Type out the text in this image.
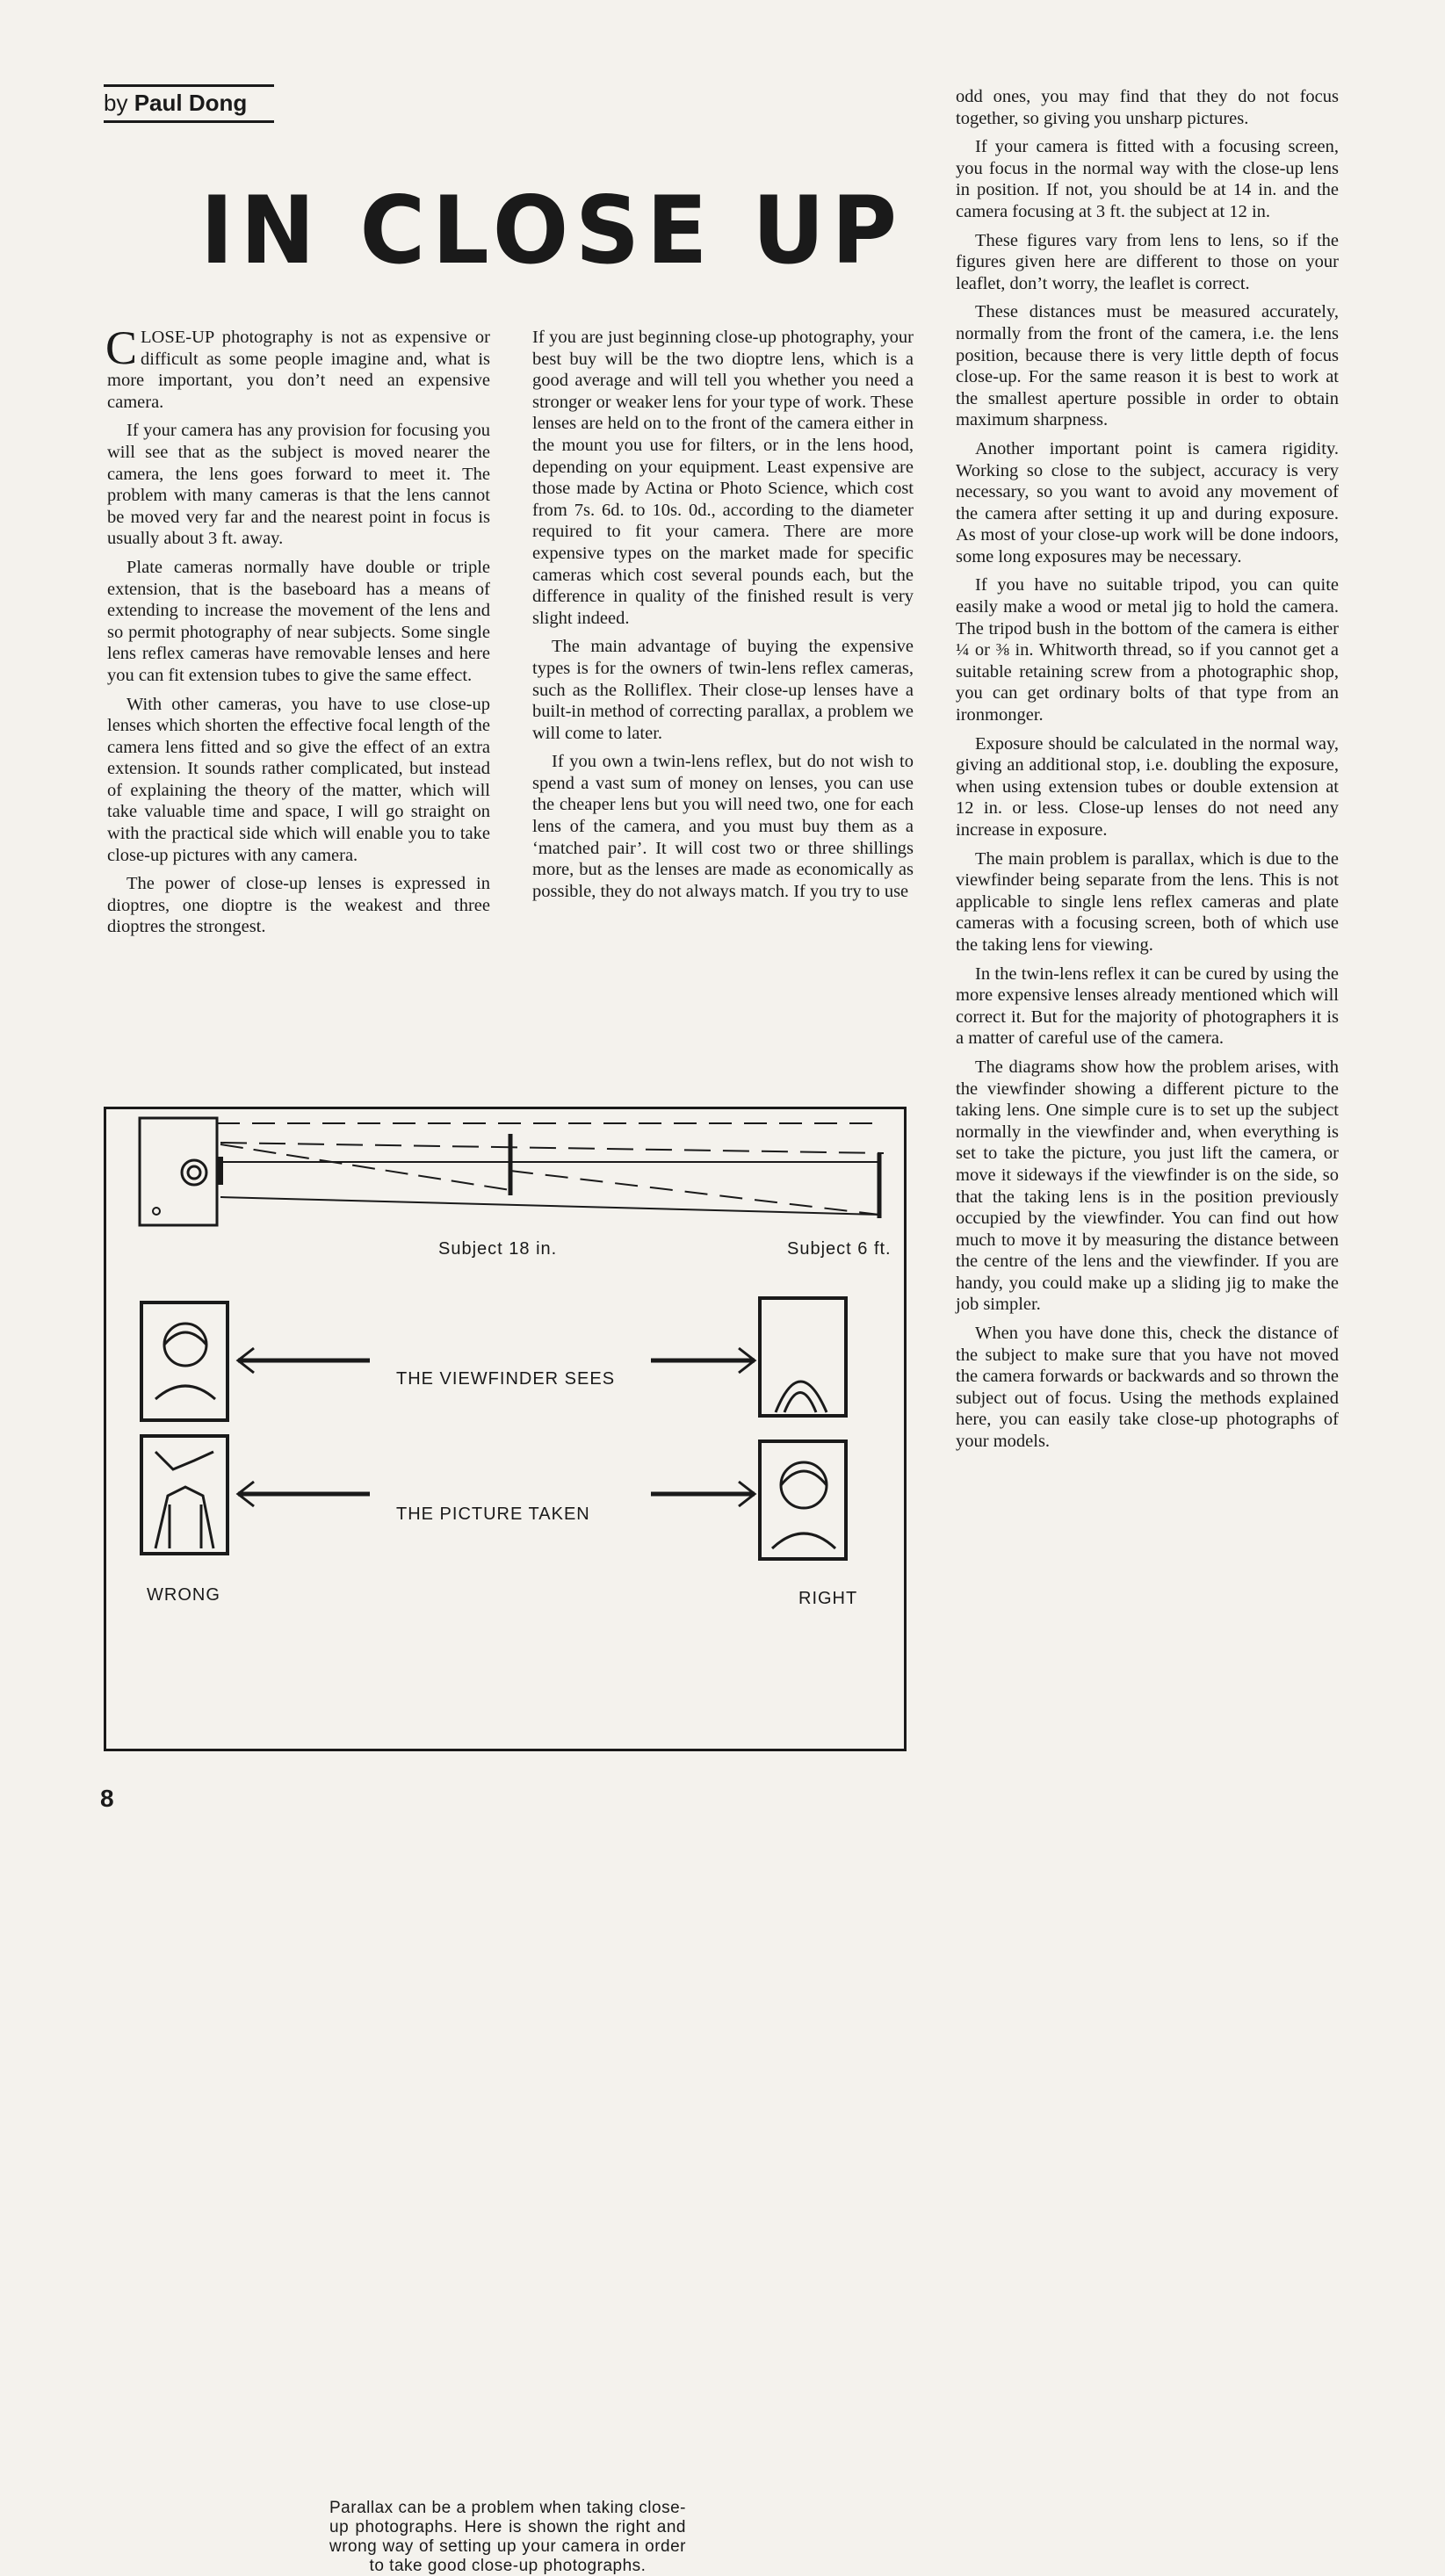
by Paul Dong
IN CLOSE UP

CLOSE-UP photography is not as expensive or difficult as some people imagine and, what is more important, you don’t need an expensive camera.

If your camera has any provision for focusing you will see that as the subject is moved nearer the camera, the lens goes forward to meet it. The problem with many cameras is that the lens cannot be moved very far and the nearest point in focus is usually about 3 ft. away.

Plate cameras normally have double or triple extension, that is the baseboard has a means of extending to increase the movement of the lens and so permit photography of near subjects. Some single lens reflex cameras have removable lenses and here you can fit extension tubes to give the same effect.

With other cameras, you have to use close-up lenses which shorten the effective focal length of the camera lens fitted and so give the effect of an extra extension. It sounds rather complicated, but instead of explaining the theory of the matter, which will take valuable time and space, I will go straight on with the practical side which will enable you to take close-up pictures with any camera.

The power of close-up lenses is expressed in dioptres, one dioptre is the weakest and three dioptres the strongest.

If you are just beginning close-up photography, your best buy will be the two dioptre lens, which is a good average and will tell you whether you need a stronger or weaker lens for your type of work. These lenses are held on to the front of the camera either in the mount you use for filters, or in the lens hood, depending on your equipment. Least expensive are those made by Actina or Photo Science, which cost from 7s. 6d. to 10s. 0d., according to the diameter required to fit your camera. There are more expensive types on the market made for specific cameras which cost several pounds each, but the difference in quality of the finished result is very slight indeed.

The main advantage of buying the expensive types is for the owners of twin-lens reflex cameras, such as the Rolliflex. Their close-up lenses have a built-in method of correcting parallax, a problem we will come to later.

If you own a twin-lens reflex, but do not wish to spend a vast sum of money on lenses, you can use the cheaper lens but you will need two, one for each lens of the camera, and you must buy them as a ‘matched pair’. It will cost two or three shillings more, but as the lenses are made as economically as possible, they do not always match. If you try to use

odd ones, you may find that they do not focus together, so giving you unsharp pictures.

If your camera is fitted with a focusing screen, you focus in the normal way with the close-up lens in position. If not, you should be at 14 in. and the camera focusing at 3 ft. the subject at 12 in.

These figures vary from lens to lens, so if the figures given here are different to those on your leaflet, don’t worry, the leaflet is correct.

These distances must be measured accurately, normally from the front of the camera, i.e. the lens position, because there is very little depth of focus close-up. For the same reason it is best to work at the smallest aperture possible in order to obtain maximum sharpness.

Another important point is camera rigidity. Working so close to the subject, accuracy is very necessary, so you want to avoid any movement of the camera after setting it up and during exposure. As most of your close-up work will be done indoors, some long exposures may be necessary.

If you have no suitable tripod, you can quite easily make a wood or metal jig to hold the camera. The tripod bush in the bottom of the camera is either ¼ or ⅜ in. Whitworth thread, so if you cannot get a suitable retaining screw from a photographic shop, you can get ordinary bolts of that type from an ironmonger.

Exposure should be calculated in the normal way, giving an additional stop, i.e. doubling the exposure, when using extension tubes or double extension at 12 in. or less. Close-up lenses do not need any increase in exposure.

The main problem is parallax, which is due to the viewfinder being separate from the lens. This is not applicable to single lens reflex cameras and plate cameras with a focusing screen, both of which use the taking lens for viewing.

In the twin-lens reflex it can be cured by using the more expensive lenses already mentioned which will correct it. But for the majority of photographers it is a matter of careful use of the camera.

The diagrams show how the problem arises, with the viewfinder showing a different picture to the taking lens. One simple cure is to set up the subject normally in the viewfinder and, when everything is set to take the picture, you just lift the camera, or move it sideways if the viewfinder is on the side, so that the taking lens is in the position previously occupied by the viewfinder. You can find out how much to move it by measuring the distance between the centre of the lens and the viewfinder. If you are handy, you could make up a sliding jig to make the job simpler.

When you have done this, check the distance of the subject to make sure that you have not moved the camera forwards or backwards and so thrown the subject out of focus. Using the methods explained here, you can easily take close-up photographs of your models.

Subject 18 in.	Subject 6 ft.
THE VIEWFINDER SEES
THE PICTURE TAKEN
WRONG	RIGHT
Parallax can be a problem when taking close-up photographs. Here is shown the right and wrong way of setting up your camera in order to take good close-up photographs.
8
